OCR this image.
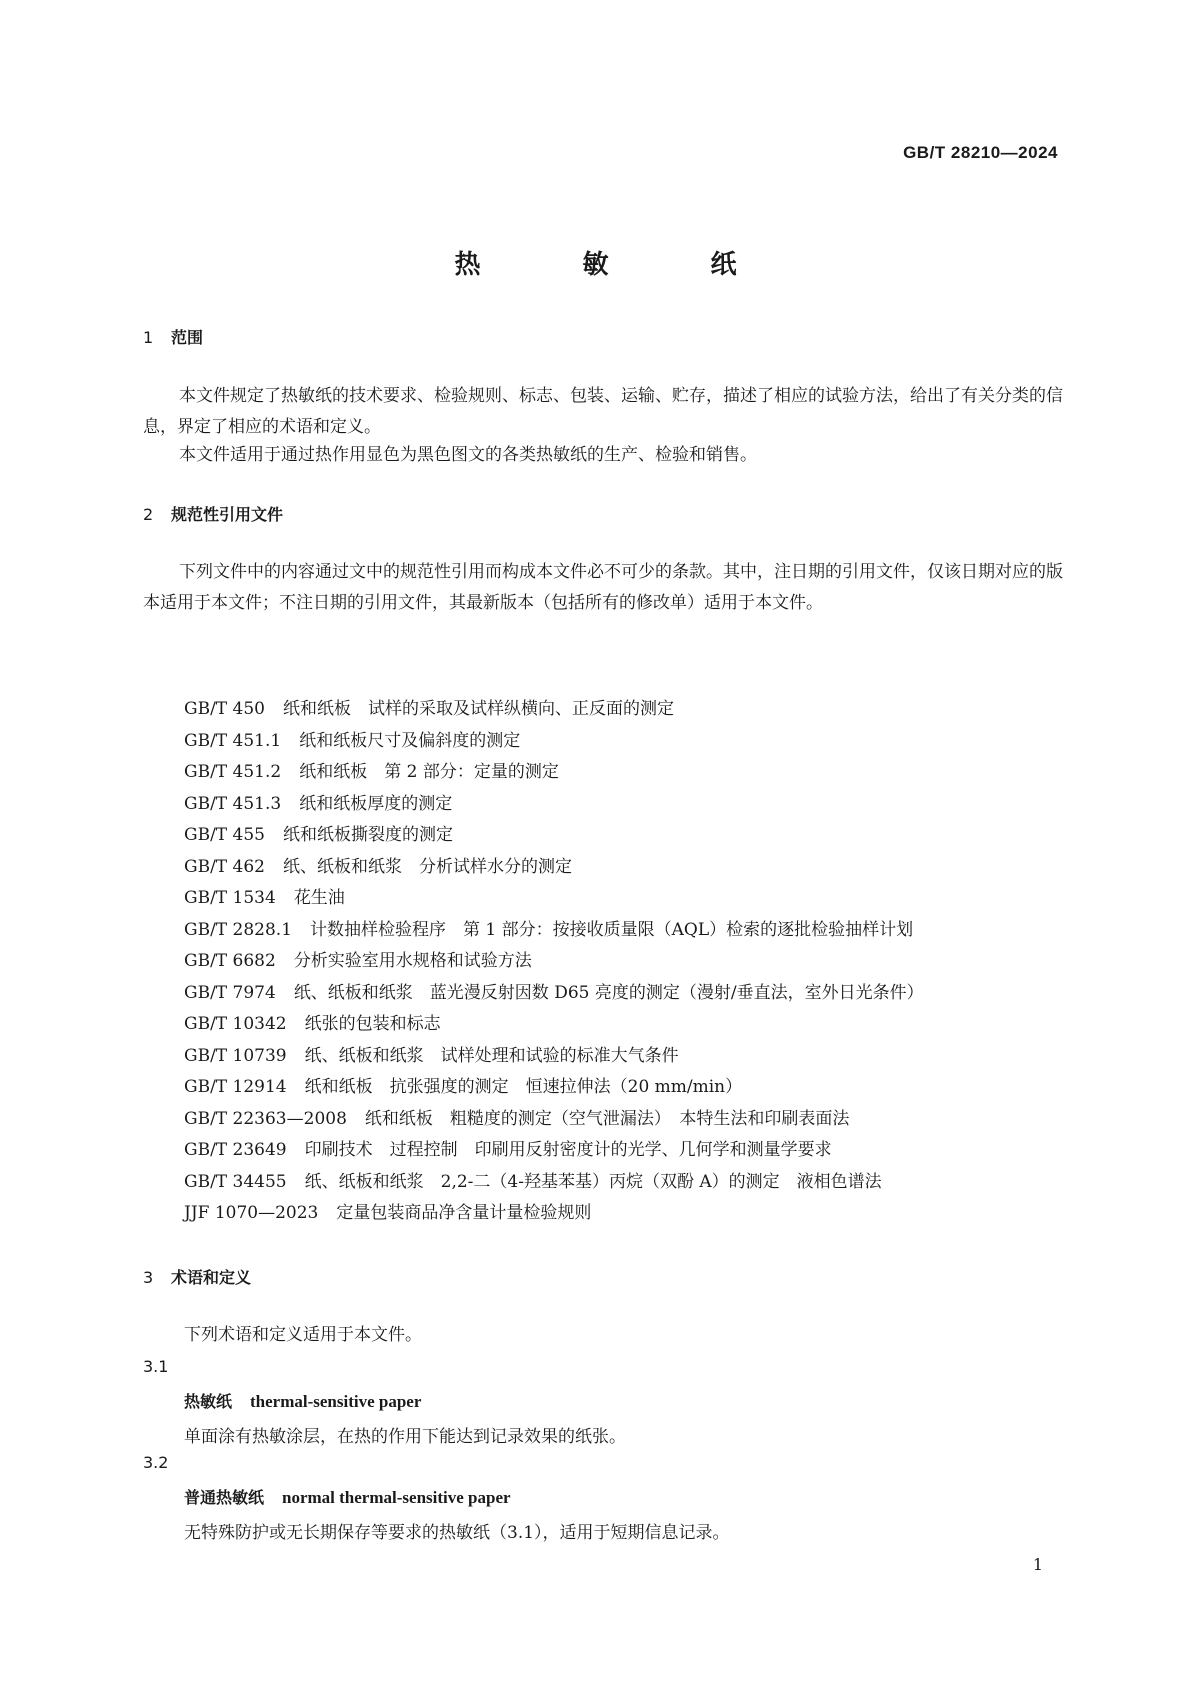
GB/T 28210—2024
热　敏　纸
1 范围
本文件规定了热敏纸的技术要求、检验规则、标志、包装、运输、贮存，描述了相应的试验方法，给出了有关分类的信息，界定了相应的术语和定义。
本文件适用于通过热作用显色为黑色图文的各类热敏纸的生产、检验和销售。
2 规范性引用文件
下列文件中的内容通过文中的规范性引用而构成本文件必不可少的条款。其中，注日期的引用文件，仅该日期对应的版本适用于本文件；不注日期的引用文件，其最新版本（包括所有的修改单）适用于本文件。
GB/T 450 纸和纸板　试样的采取及试样纵横向、正反面的测定
GB/T 451.1 纸和纸板尺寸及偏斜度的测定
GB/T 451.2 纸和纸板　第 2 部分：定量的测定
GB/T 451.3 纸和纸板厚度的测定
GB/T 455 纸和纸板撕裂度的测定
GB/T 462 纸、纸板和纸浆　分析试样水分的测定
GB/T 1534 花生油
GB/T 2828.1 计数抽样检验程序　第 1 部分：按接收质量限（AQL）检索的逐批检验抽样计划
GB/T 6682 分析实验室用水规格和试验方法
GB/T 7974 纸、纸板和纸浆　蓝光漫反射因数 D65 亮度的测定（漫射/垂直法，室外日光条件）
GB/T 10342 纸张的包装和标志
GB/T 10739 纸、纸板和纸浆　试样处理和试验的标准大气条件
GB/T 12914 纸和纸板　抗张强度的测定　恒速拉伸法（20 mm/min）
GB/T 22363—2008 纸和纸板　粗糙度的测定（空气泄漏法）　本特生法和印刷表面法
GB/T 23649 印刷技术　过程控制　印刷用反射密度计的光学、几何学和测量学要求
GB/T 34455 纸、纸板和纸浆　2,2-二（4-羟基苯基）丙烷（双酚 A）的测定　液相色谱法
JJF 1070—2023 定量包装商品净含量计量检验规则
3 术语和定义
下列术语和定义适用于本文件。
3.1
热敏纸 thermal-sensitive paper
单面涂有热敏涂层，在热的作用下能达到记录效果的纸张。
3.2
普通热敏纸 normal thermal-sensitive paper
无特殊防护或无长期保存等要求的热敏纸（3.1），适用于短期信息记录。
1
